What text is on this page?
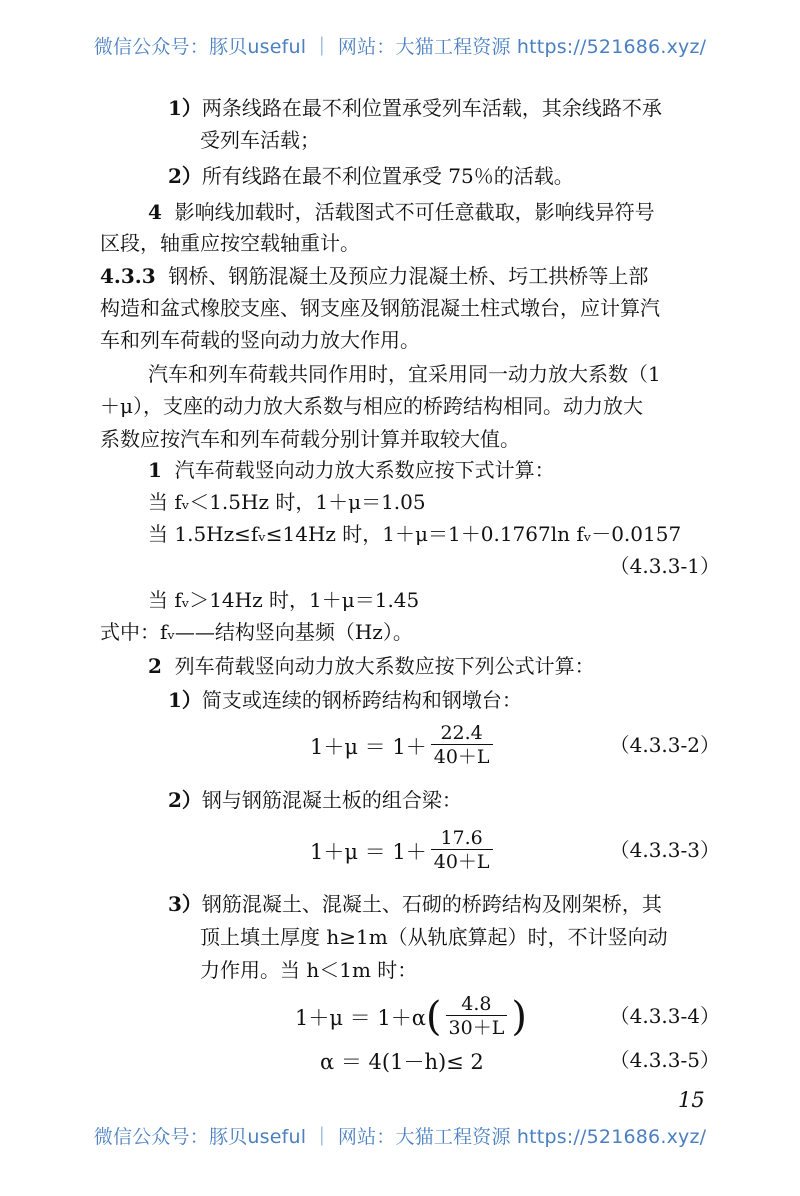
微信公众号：豚贝useful ｜ 网站：大猫工程资源 https://521686.xyz/
1）两条线路在最不利位置承受列车活载，其余线路不承
受列车活载；
2）所有线路在最不利位置承受 75％的活载。
4 影响线加载时，活载图式不可任意截取，影响线异符号
区段，轴重应按空载轴重计。
4.3.3 钢桥、钢筋混凝土及预应力混凝土桥、圬工拱桥等上部
构造和盆式橡胶支座、钢支座及钢筋混凝土柱式墩台，应计算汽
车和列车荷载的竖向动力放大作用。
汽车和列车荷载共同作用时，宜采用同一动力放大系数（1
＋μ），支座的动力放大系数与相应的桥跨结构相同。动力放大
系数应按汽车和列车荷载分别计算并取较大值。
1 汽车荷载竖向动力放大系数应按下式计算：
当 fᵥ＜1.5Hz 时，1＋μ＝1.05
当 1.5Hz≤fᵥ≤14Hz 时，1＋μ＝1＋0.1767ln fᵥ－0.0157
（4.3.3-1）
当 fᵥ＞14Hz 时，1＋μ＝1.45
式中：fᵥ——结构竖向基频（Hz）。
2 列车荷载竖向动力放大系数应按下列公式计算：
1）简支或连续的钢桥跨结构和钢墩台：
$1+\mu = 1+ \frac{22.4}{40+L}$	（4.3.3-2）
2）钢与钢筋混凝土板的组合梁：
$1+\mu = 1+ \frac{17.6}{40+L}$	（4.3.3-3）
3）钢筋混凝土、混凝土、石砌的桥跨结构及刚架桥，其
顶上填土厚度 h≥1m（从轨底算起）时，不计竖向动
力作用。当 h＜1m 时：
1＋μ ＝ 1＋α ( $\frac{4.8}{30+L}$ )	（4.3.3-4）
α ＝ 4(1－h)≤ 2	（4.3.3-5）
15
微信公众号：豚贝useful ｜ 网站：大猫工程资源 https://521686.xyz/
